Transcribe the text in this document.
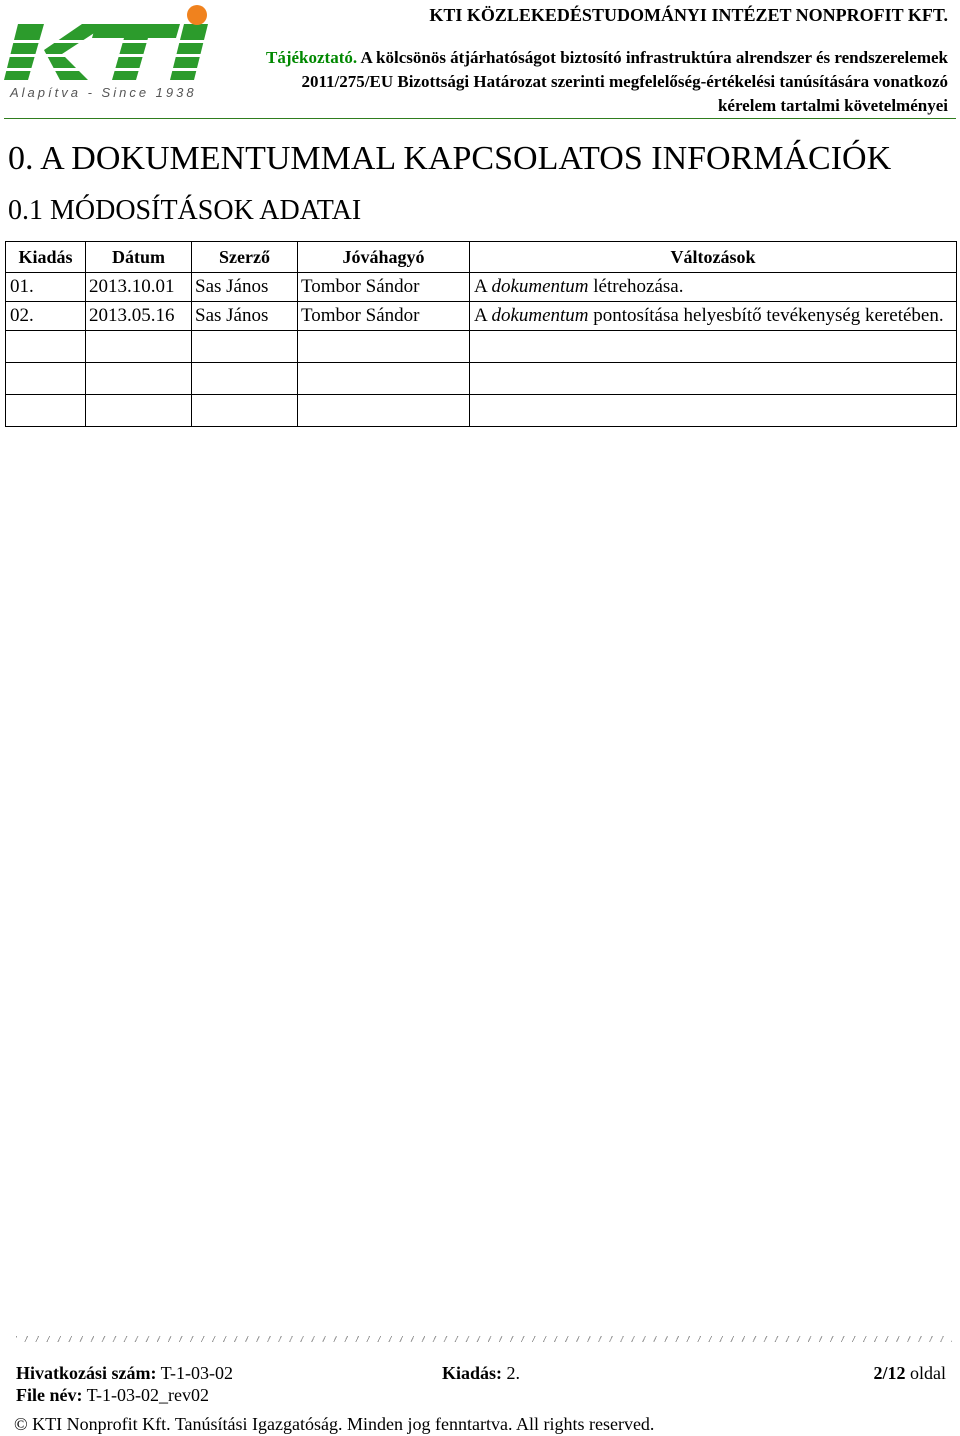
Alapítva - Since 1938
KTI KÖZLEKEDÉSTUDOMÁNYI INTÉZET NONPROFIT KFT.
Tájékoztató. A kölcsönös átjárhatóságot biztosító infrastruktúra alrendszer és rendszerelemek 2011/275/EU Bizottsági Határozat szerinti megfelelőség-értékelési tanúsítására vonatkozó kérelem tartalmi követelményei
0. A DOKUMENTUMMAL KAPCSOLATOS INFORMÁCIÓK
0.1 MÓDOSÍTÁSOK ADATAI
Kiadás	Dátum	Szerző	Jóváhagyó	Változások
01.	2013.10.01	Sas János	Tombor Sándor	A dokumentum létrehozása.
02.	2013.05.16	Sas János	Tombor Sándor	A dokumentum pontosítása helyesbítő tevékenység keretében.

Hivatkozási szám: T-1-03-02	Kiadás: 2.	2/12 oldal
File név: T-1-03-02_rev02
© KTI Nonprofit Kft. Tanúsítási Igazgatóság. Minden jog fenntartva. All rights reserved.
